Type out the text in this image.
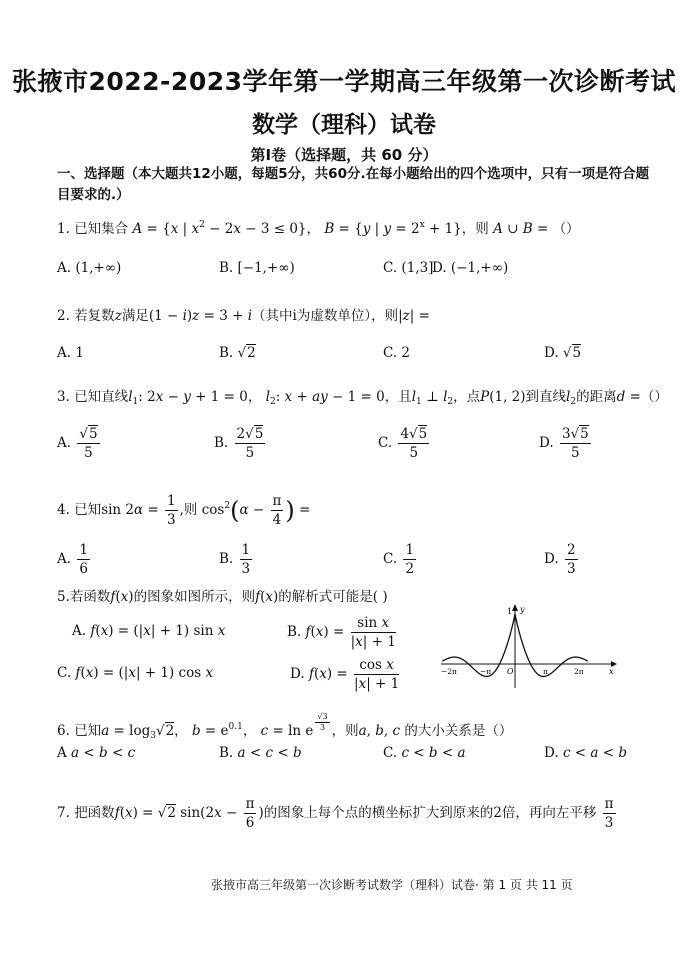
张掖市2022-2023学年第一学期高三年级第一次诊断考试
数学（理科）试卷
第Ⅰ卷（选择题，共 60 分）
一、选择题（本大题共12小题，每题5分，共60分.在每小题给出的四个选项中，只有一项是符合题目要求的.）
1. 已知集合 A = {x | $x^2 - 2x - 3 \le 0$}， B = {y | $y = 2^x + 1$}，则 A ∪ B = （）
A. (1,+∞)	B. [−1,+∞)	C. (1,3]
D. (−1,+∞)
2. 若复数z满足(1 − i)z = 3 + i（其中i为虚数单位），则|z| =
A. 1	B. √2	C. 2	D. √5
3. 已知直线$l_1$: 2x − y + 1 = 0， $l_2$: x + ay − 1 = 0，且$l_1$ ⊥ $l_2$，点P(1, 2)到直线$l_2$的距离d =（）
A. $\frac{√5}{5}$	B. $\frac{2√5}{5}$	C. $\frac{4√5}{5}$	D. $\frac{3√5}{5}$
4. 已知$\sin 2\alpha = \frac{1}{3}$ ,则 $\cos^2(\alpha - \frac{\pi}{4}$ ) =
A. $\frac{1}{6}$	B. $\frac{1}{3}$	C. $\frac{1}{2}$	D. $\frac{2}{3}$
5.若函数f(x)的图象如图所示，则f(x)的解析式可能是( )
A. f(x) = (|x| + 1) sin x	B. $f(x) = \frac{\text{sin x}}{|x| + 1}$
C. f(x) = (|x| + 1) cos x	D. $f(x) = \frac{\text{cos x}}{|x| + 1}$
y
x
O
1
−2π	−π	π	2π
6. 已知$a = \log_3√2$， $b = e^{0.1}$， c = ln e $^{\frac{√3}{3}}$ ，则a, b, c 的大小关系是（）
A a < b < c	B. a < c < b	C. c < b < a	D. c < a < b
7. 把函数f(x) = √2 $\sin(2x - \frac{\pi}{6}$ )的图象上每个点的横坐标扩大到原来的2倍，再向左平移 $\frac{\pi}{3}$
张掖市高三年级第一次诊断考试数学（理科）试卷· 第 1 页 共 11 页
